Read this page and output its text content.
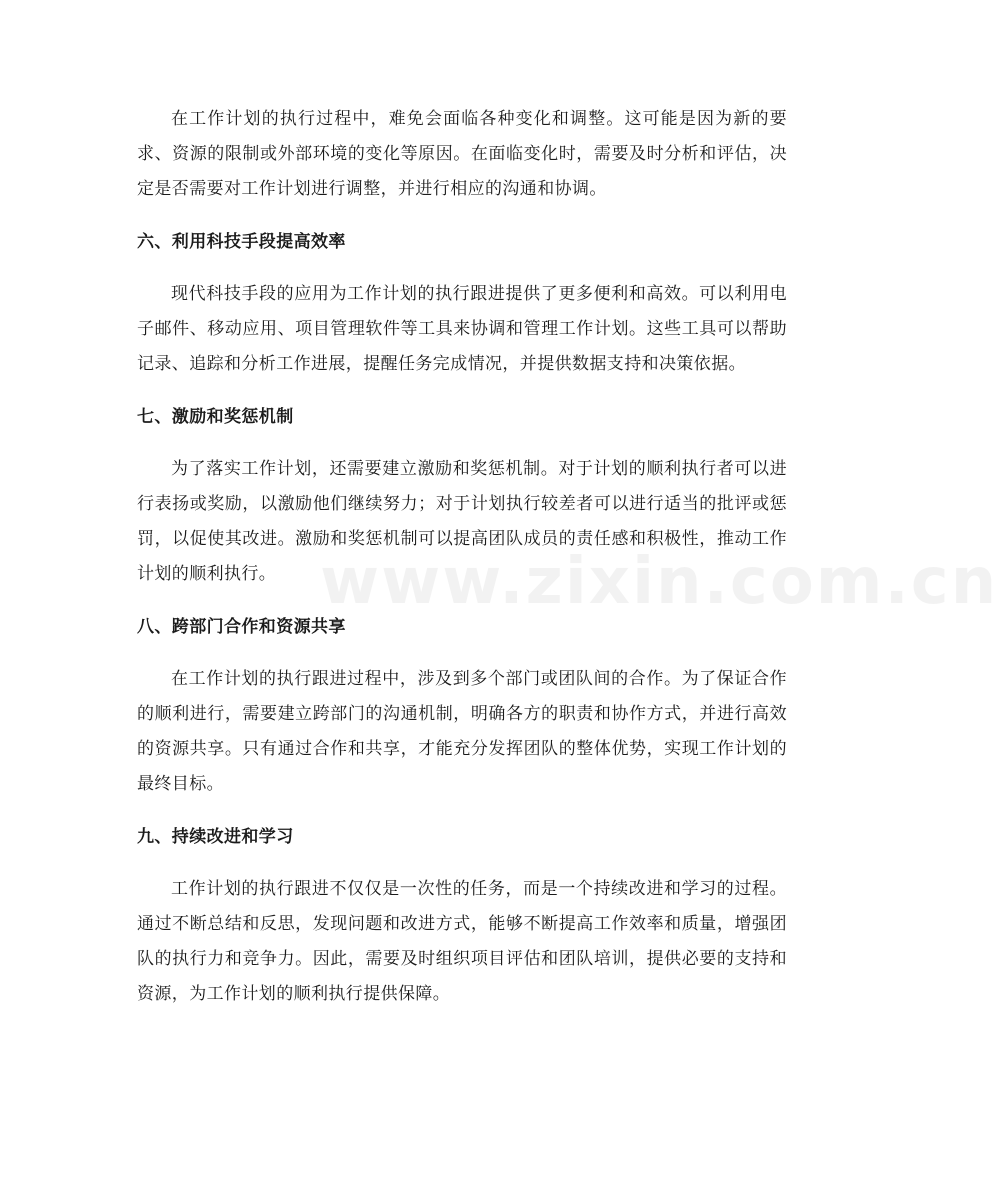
www.zixin.com.cn

在工作计划的执行过程中，难免会面临各种变化和调整。这可能是因为新的要求、资源的限制或外部环境的变化等原因。在面临变化时，需要及时分析和评估，决定是否需要对工作计划进行调整，并进行相应的沟通和协调。

六、利用科技手段提高效率

现代科技手段的应用为工作计划的执行跟进提供了更多便利和高效。可以利用电子邮件、移动应用、项目管理软件等工具来协调和管理工作计划。这些工具可以帮助记录、追踪和分析工作进展，提醒任务完成情况，并提供数据支持和决策依据。

七、激励和奖惩机制

为了落实工作计划，还需要建立激励和奖惩机制。对于计划的顺利执行者可以进行表扬或奖励，以激励他们继续努力；对于计划执行较差者可以进行适当的批评或惩罚，以促使其改进。激励和奖惩机制可以提高团队成员的责任感和积极性，推动工作计划的顺利执行。

八、跨部门合作和资源共享

在工作计划的执行跟进过程中，涉及到多个部门或团队间的合作。为了保证合作的顺利进行，需要建立跨部门的沟通机制，明确各方的职责和协作方式，并进行高效的资源共享。只有通过合作和共享，才能充分发挥团队的整体优势，实现工作计划的最终目标。

九、持续改进和学习

工作计划的执行跟进不仅仅是一次性的任务，而是一个持续改进和学习的过程。通过不断总结和反思，发现问题和改进方式，能够不断提高工作效率和质量，增强团队的执行力和竞争力。因此，需要及时组织项目评估和团队培训，提供必要的支持和资源，为工作计划的顺利执行提供保障。
